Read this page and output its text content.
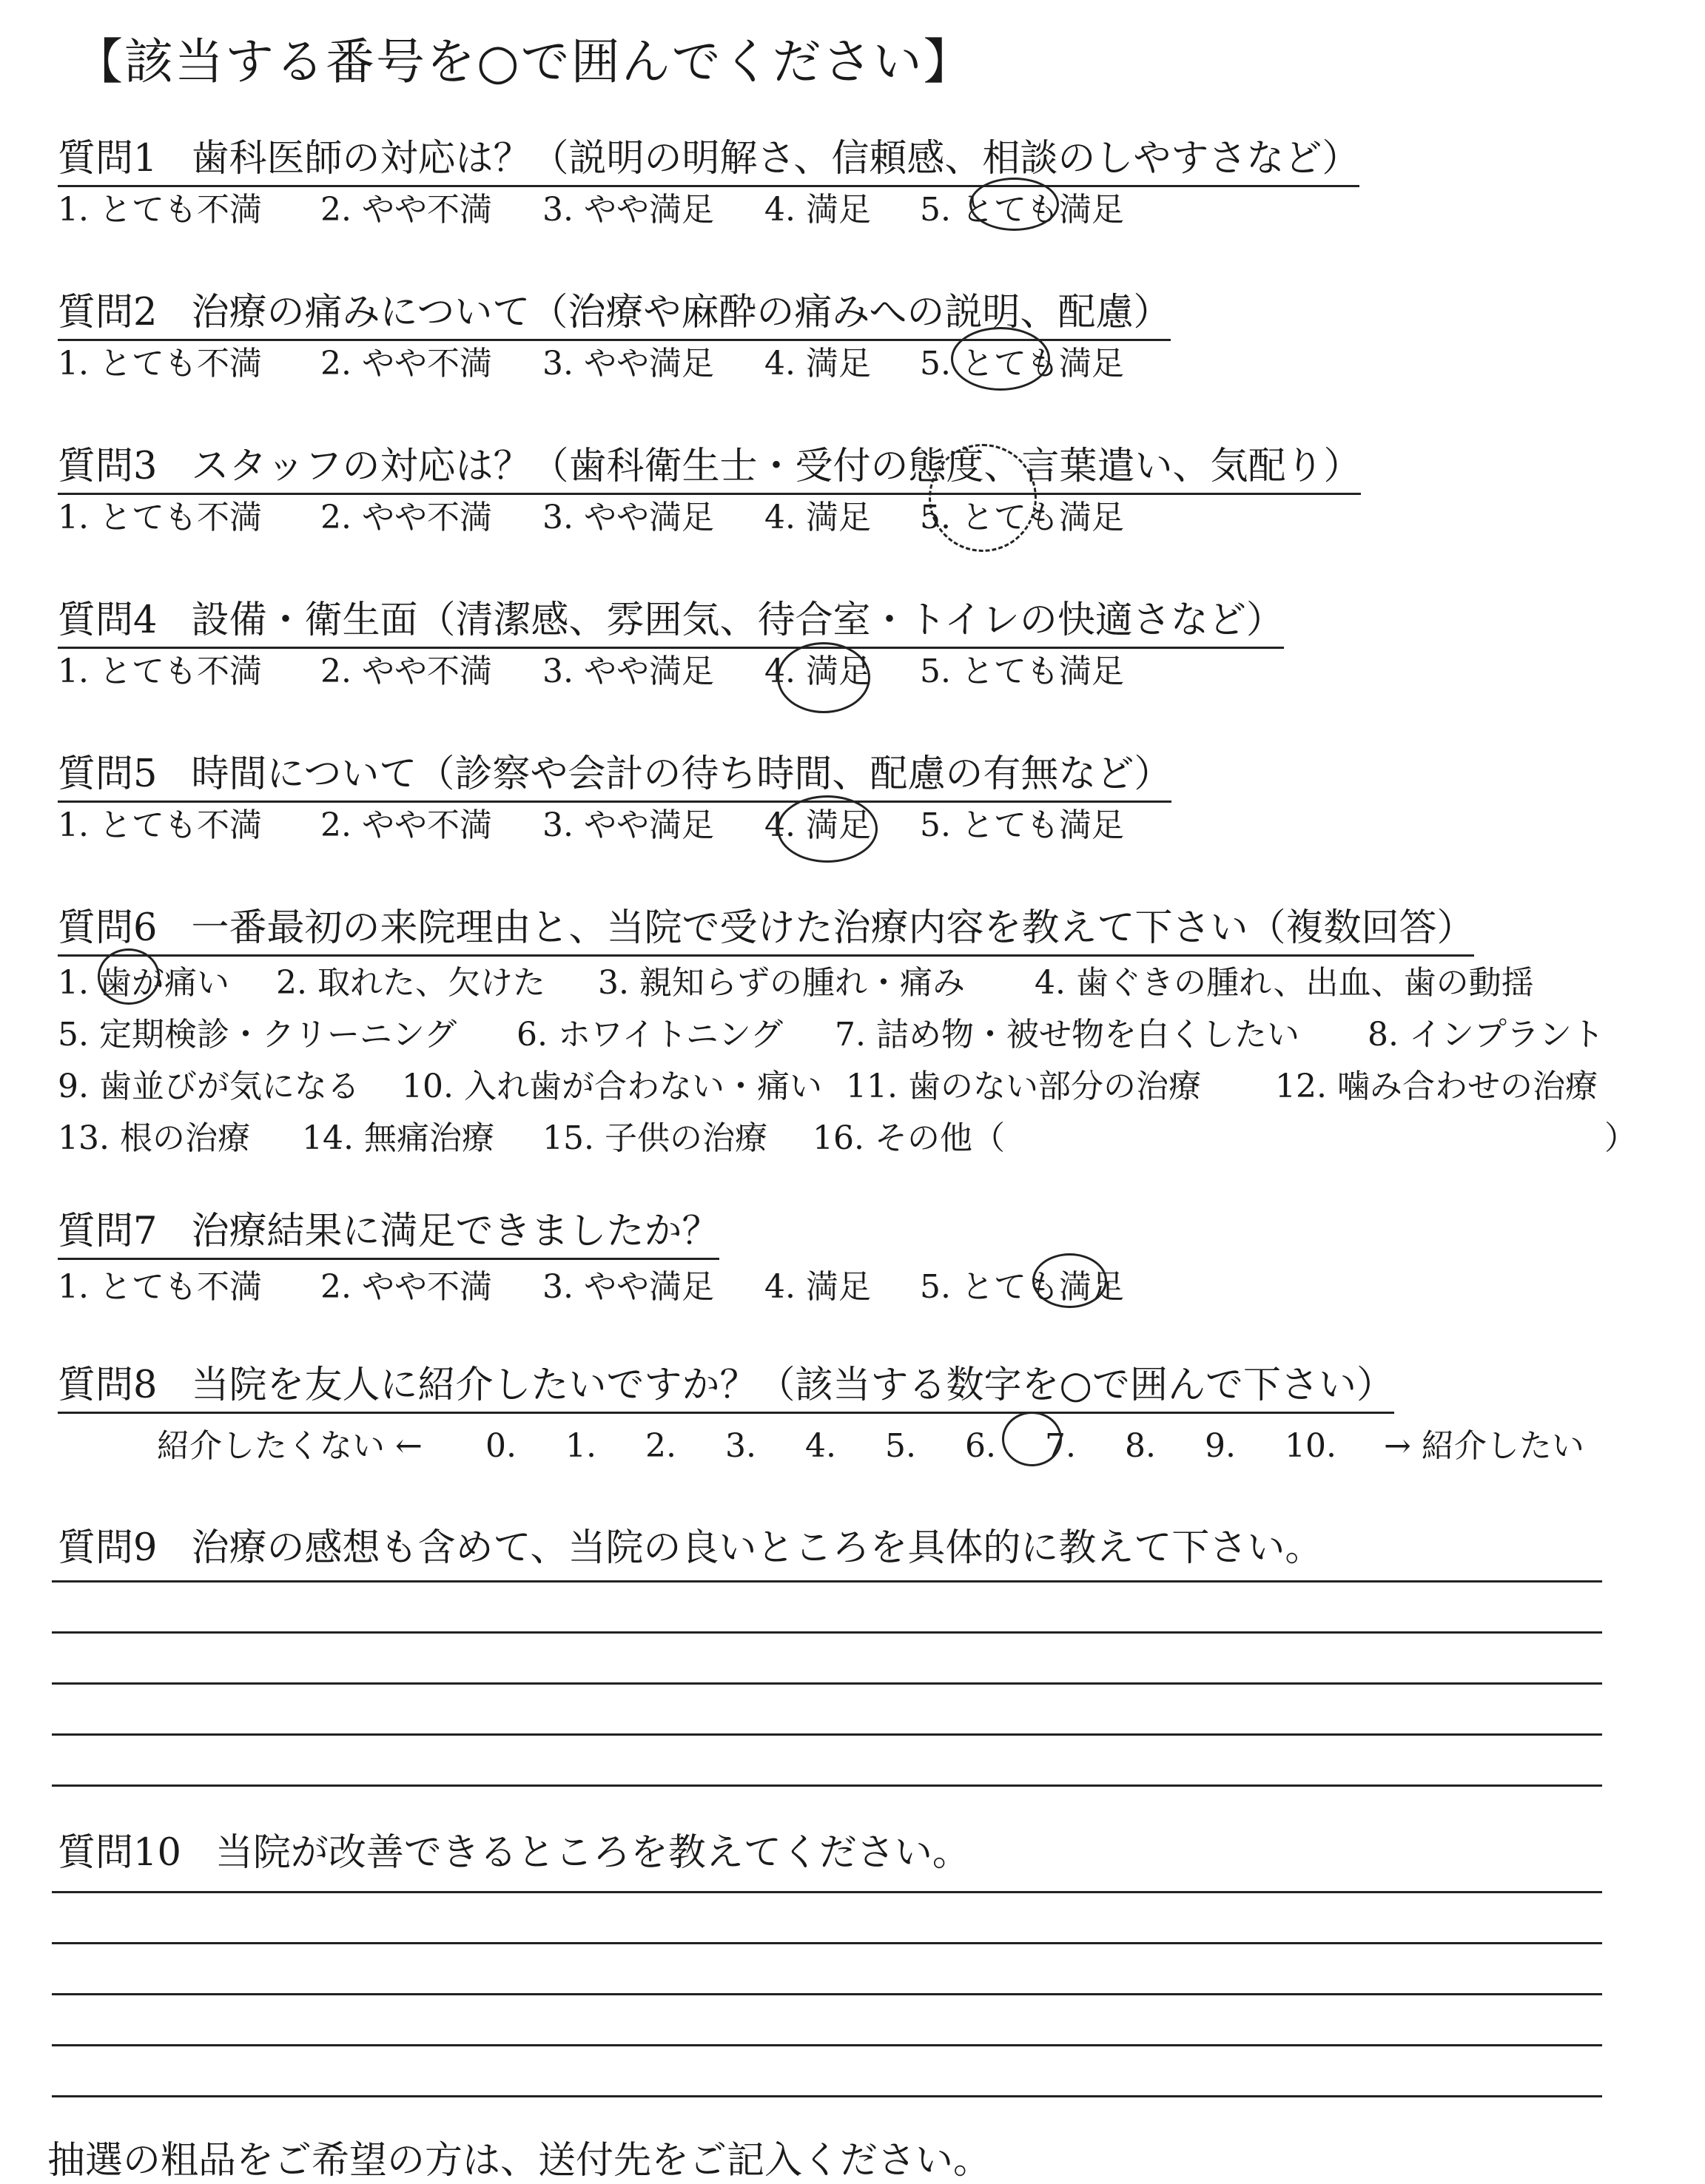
【該当する番号を○で囲んでください】
質問1 歯科医師の対応は？（説明の明解さ、信頼感、相談のしやすさなど）
1. とても不満	2. やや不満	3. やや満足	4. 満足	5. とても満足
質問2 治療の痛みについて（治療や麻酔の痛みへの説明、配慮）
1. とても不満	2. やや不満	3. やや満足	4. 満足	5. とても満足
質問3 スタッフの対応は？（歯科衛生士・受付の態度、言葉遣い、気配り）
1. とても不満	2. やや不満	3. やや満足	4. 満足	5. とても満足
質問4 設備・衛生面（清潔感、雰囲気、待合室・トイレの快適さなど）
1. とても不満	2. やや不満	3. やや満足	4. 満足	5. とても満足
質問5 時間について（診察や会計の待ち時間、配慮の有無など）
1. とても不満	2. やや不満	3. やや満足	4. 満足	5. とても満足
質問6 一番最初の来院理由と、当院で受けた治療内容を教えて下さい（複数回答）
1. 歯が痛い	2. 取れた、欠けた	3. 親知らずの腫れ・痛み	4. 歯ぐきの腫れ、出血、歯の動揺
5. 定期検診・クリーニング	6. ホワイトニング	7. 詰め物・被せ物を白くしたい	8. インプラント
9. 歯並びが気になる	10. 入れ歯が合わない・痛い 11. 歯のない部分の治療	12. 噛み合わせの治療
13. 根の治療	14. 無痛治療	15. 子供の治療	16. その他（	）
質問7 治療結果に満足できましたか？
1. とても不満	2. やや不満	3. やや満足	4. 満足	5. とても満足
質問8 当院を友人に紹介したいですか？（該当する数字を○で囲んで下さい）
紹介したくない ← 0. 1. 2. 3. 4. 5. 6. 7. 8. 9. 10. → 紹介したい
質問9 治療の感想も含めて、当院の良いところを具体的に教えて下さい。
質問10 当院が改善できるところを教えてください。
抽選の粗品をご希望の方は、送付先をご記入ください。
